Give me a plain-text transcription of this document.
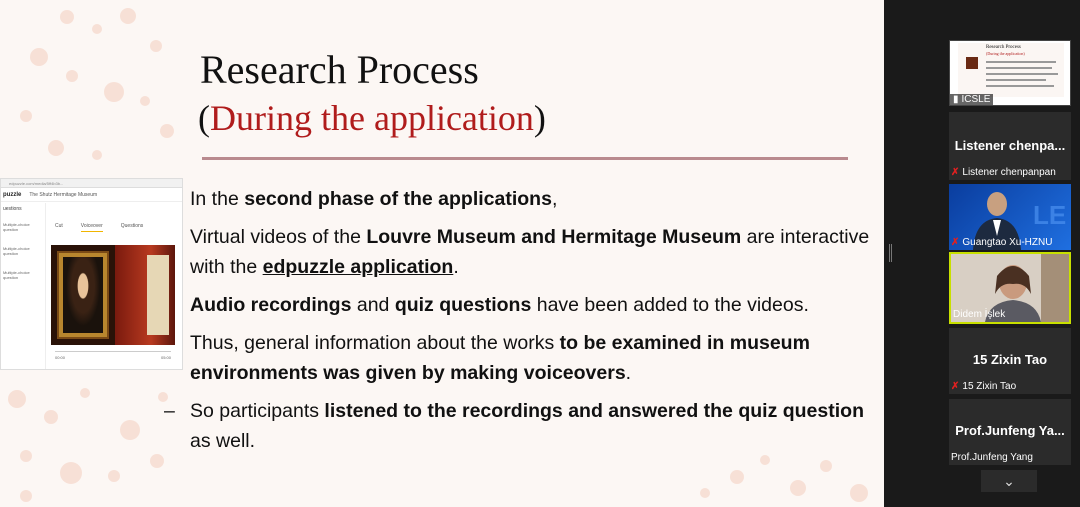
Research Process
(During the application)
edpuzzle.com/media/5ff4b3b...
puzzle The Shutz Hermitage Museum
uestions
Multiple-choice question
Multiple-choice question
Multiple-choice question
Cut	Voiceover	Questions
00:00	05:00

In the second phase of the applications,

Virtual videos of the Louvre Museum and Hermitage Museum are interactive with the edpuzzle application.

Audio recordings and quiz questions have been added to the videos.

Thus, general information about the works to be examined in museum environments was given by making voiceovers.

– So participants listened to the recordings and answered the quiz question as well.

Research Process
(During the application)
▮ ICSLE
Listener chenpa...
✗ Listener chenpanpan
LE
✗ Guangtao Xu-HZNU
Didem İşlek
15 Zixin Tao
✗ 15 Zixin Tao
Prof.Junfeng Ya...
Prof.Junfeng Yang
⌄
